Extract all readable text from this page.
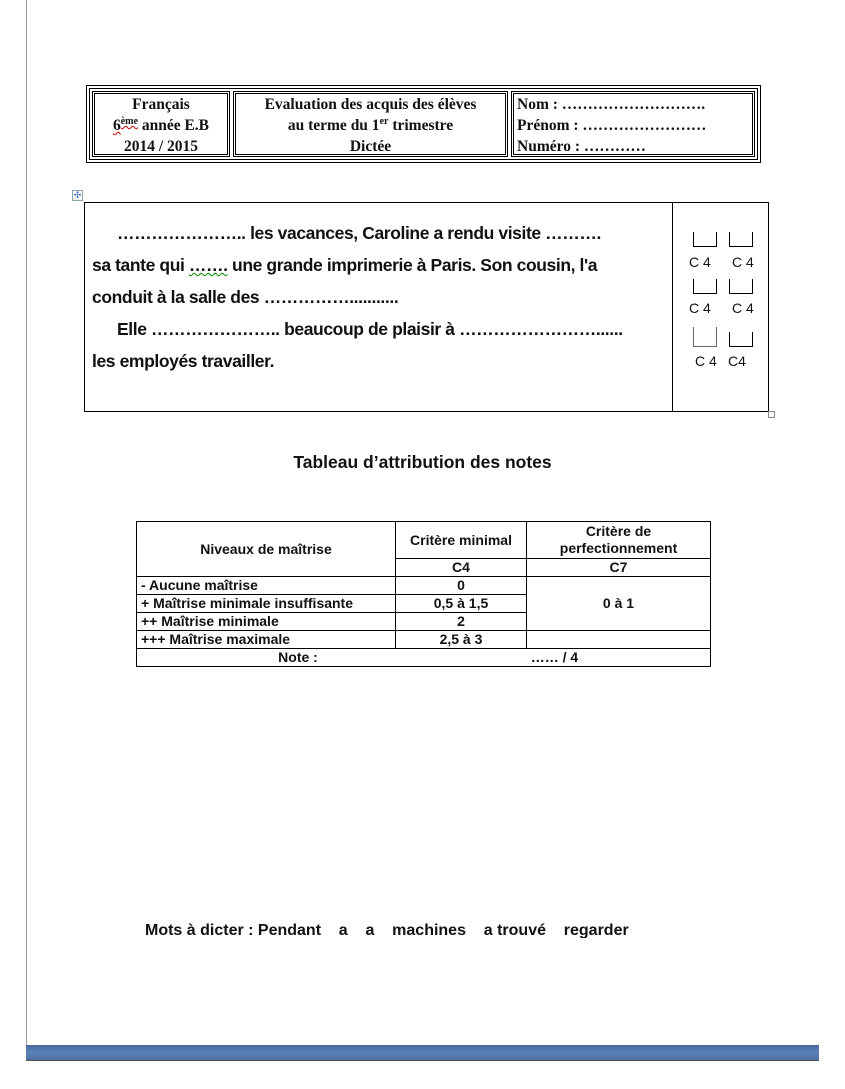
Français
6ème année E.B
2014 / 2015
Evaluation des acquis des élèves
au terme du 1er trimestre
Dictée
Nom : ……………………….
Prénom : ……………………
Numéro : …………
✣
………………….. les vacances, Caroline a rendu visite ……….
sa tante qui ……. une grande imprimerie à Paris. Son cousin, l'a
conduit à la salle des ……………...........
Elle ………………….. beaucoup de plaisir à ……………………......
les employés travailler.
C 4 C 4
C 4 C 4
C 4 C4
Tableau d’attribution des notes
Niveaux de maîtrise	Critère minimal	Critère de perfectionnement
	C4	C7
- Aucune maîtrise	0	0 à 1
+ Maîtrise minimale insuffisante	0,5 à 1,5	
++ Maîtrise minimale	2	
+++ Maîtrise maximale	2,5 à 3	

Note : …… / 4		
Mots à dicter : Pendant    a    a    machines    a trouvé    regarder
